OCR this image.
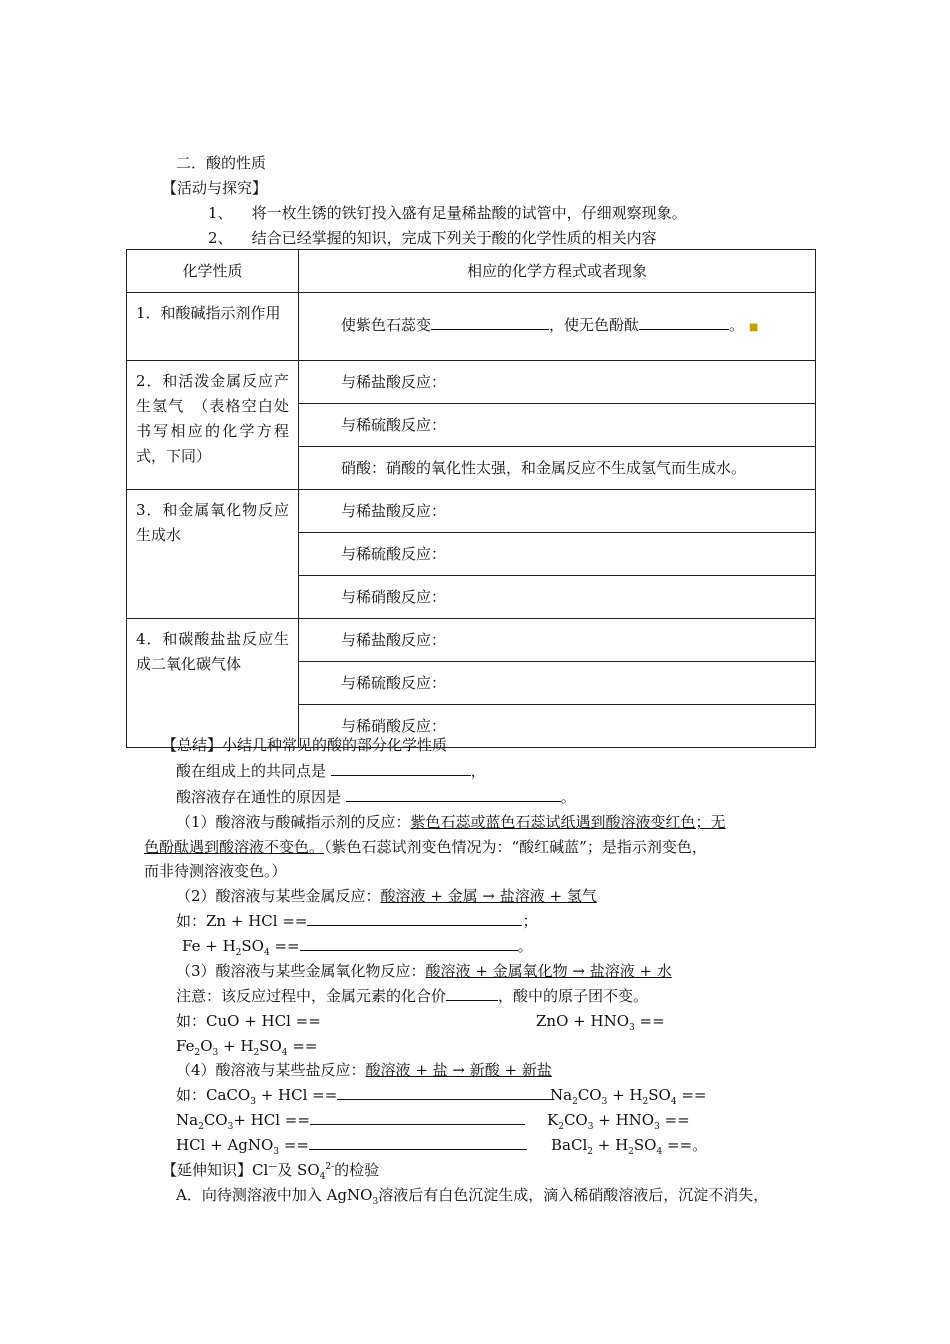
二．酸的性质
【活动与探究】
1、 将一枚生锈的铁钉投入盛有足量稀盐酸的试管中，仔细观察现象。
2、 结合已经掌握的知识，完成下列关于酸的化学性质的相关内容
化学性质	相应的化学方程式或者现象
1．和酸碱指示剂作用	使紫色石蕊变 ，使无色酚酞 。 ■
2．和活泼金属反应产生氢气　（表格空白处书写相应的化学方程式，下同）	与稀盐酸反应：
	与稀硫酸反应：
	硝酸：硝酸的氧化性太强，和金属反应不生成氢气而生成水。
3．和金属氧化物反应生成水	与稀盐酸反应：
	与稀硫酸反应：
	与稀硝酸反应：
4．和碳酸盐盐反应生成二氧化碳气体	与稀盐酸反应：
	与稀硫酸反应：
	与稀硝酸反应：
【总结】小结几种常见的酸的部分化学性质
酸在组成上的共同点是	，
酸溶液存在通性的原因是	。
（1）酸溶液与酸碱指示剂的反应：紫色石蕊或蓝色石蕊试纸遇到酸溶液变红色；无
色酚酞遇到酸溶液不变色。（紫色石蕊试剂变色情况为：“酸红碱蓝”；是指示剂变色，
而非待测溶液变色。）
（2）酸溶液与某些金属反应：酸溶液 + 金属 → 盐溶液 + 氢气
如：Zn + HCl ==	；
$Fe + H_2SO_4$ ==	。
（3）酸溶液与某些金属氧化物反应：酸溶液 + 金属氧化物 → 盐溶液 + 水
注意：该反应过程中，金属元素的化合价	，酸中的原子团不变。
如：CuO + HCl ==	ZnO + $HNO_3$ ==
$Fe_2O_3 + H_2SO_4$ ==
（4）酸溶液与某些盐反应：酸溶液 + 盐 → 新酸 + 新盐
如：CaCO$_3$ + HCl ==	$Na_2CO_3 + H_2SO_4$ ==
$Na_2CO_3+$ HCl ==	$K_2CO_3 + HNO_3$ ==
HCl + AgNO$_3$ ==	BaCl$_2$ + $H_2SO_4$ ==。
【延伸知识】Cl—及 $SO_4^{2-}$的检验
A．向待测溶液中加入 AgNO$_3$溶液后有白色沉淀生成，滴入稀硝酸溶液后，沉淀不消失，
